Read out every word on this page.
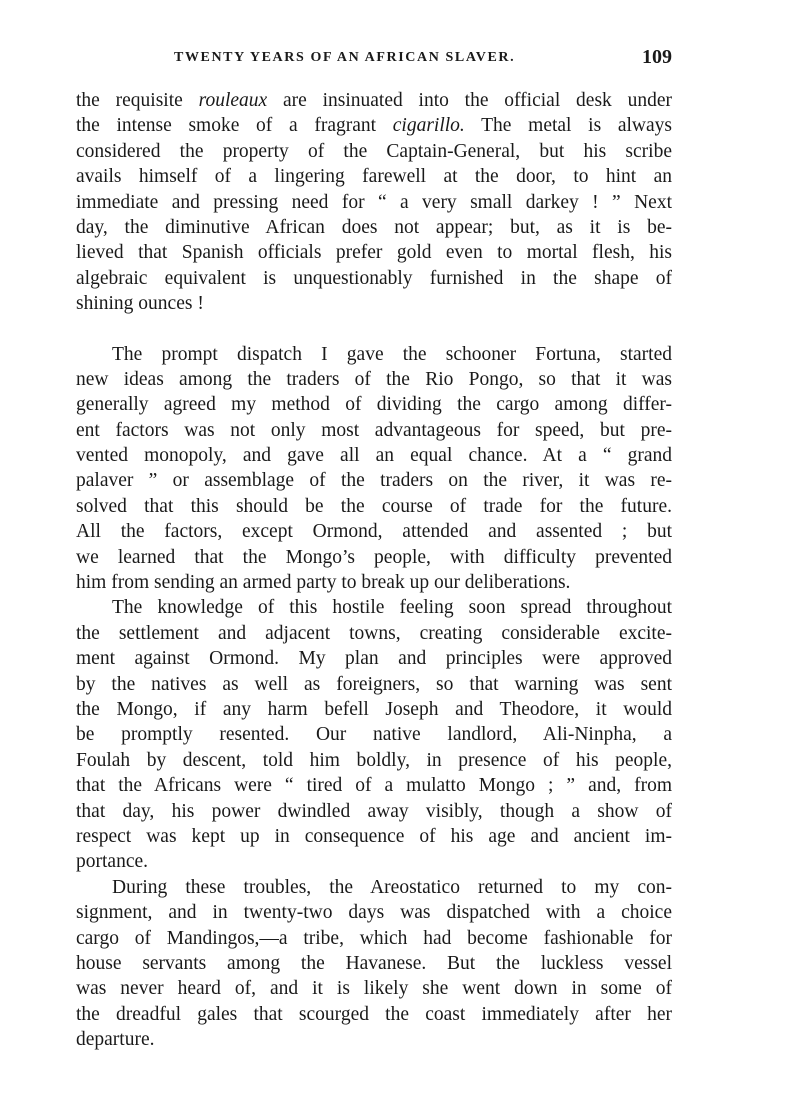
TWENTY YEARS OF AN AFRICAN SLAVER.	109
the requisite rouleaux are insinuated into the official desk under
the intense smoke of a fragrant cigarillo. The metal is always
considered the property of the Captain-General, but his scribe
avails himself of a lingering farewell at the door, to hint an
immediate and pressing need for “ a very small darkey ! ” Next
day, the diminutive African does not appear; but, as it is be-
lieved that Spanish officials prefer gold even to mortal flesh, his
algebraic equivalent is unquestionably furnished in the shape of
shining ounces !
The prompt dispatch I gave the schooner Fortuna, started
new ideas among the traders of the Rio Pongo, so that it was
generally agreed my method of dividing the cargo among differ-
ent factors was not only most advantageous for speed, but pre-
vented monopoly, and gave all an equal chance. At a “ grand
palaver ” or assemblage of the traders on the river, it was re-
solved that this should be the course of trade for the future.
All the factors, except Ormond, attended and assented ; but
we learned that the Mongo’s people, with difficulty prevented
him from sending an armed party to break up our deliberations.
The knowledge of this hostile feeling soon spread throughout
the settlement and adjacent towns, creating considerable excite-
ment against Ormond. My plan and principles were approved
by the natives as well as foreigners, so that warning was sent
the Mongo, if any harm befell Joseph and Theodore, it would
be promptly resented. Our native landlord, Ali-Ninpha, a
Foulah by descent, told him boldly, in presence of his people,
that the Africans were “ tired of a mulatto Mongo ; ” and, from
that day, his power dwindled away visibly, though a show of
respect was kept up in consequence of his age and ancient im-
portance.
During these troubles, the Areostatico returned to my con-
signment, and in twenty-two days was dispatched with a choice
cargo of Mandingos,—a tribe, which had become fashionable for
house servants among the Havanese. But the luckless vessel
was never heard of, and it is likely she went down in some of
the dreadful gales that scourged the coast immediately after her
departure.
